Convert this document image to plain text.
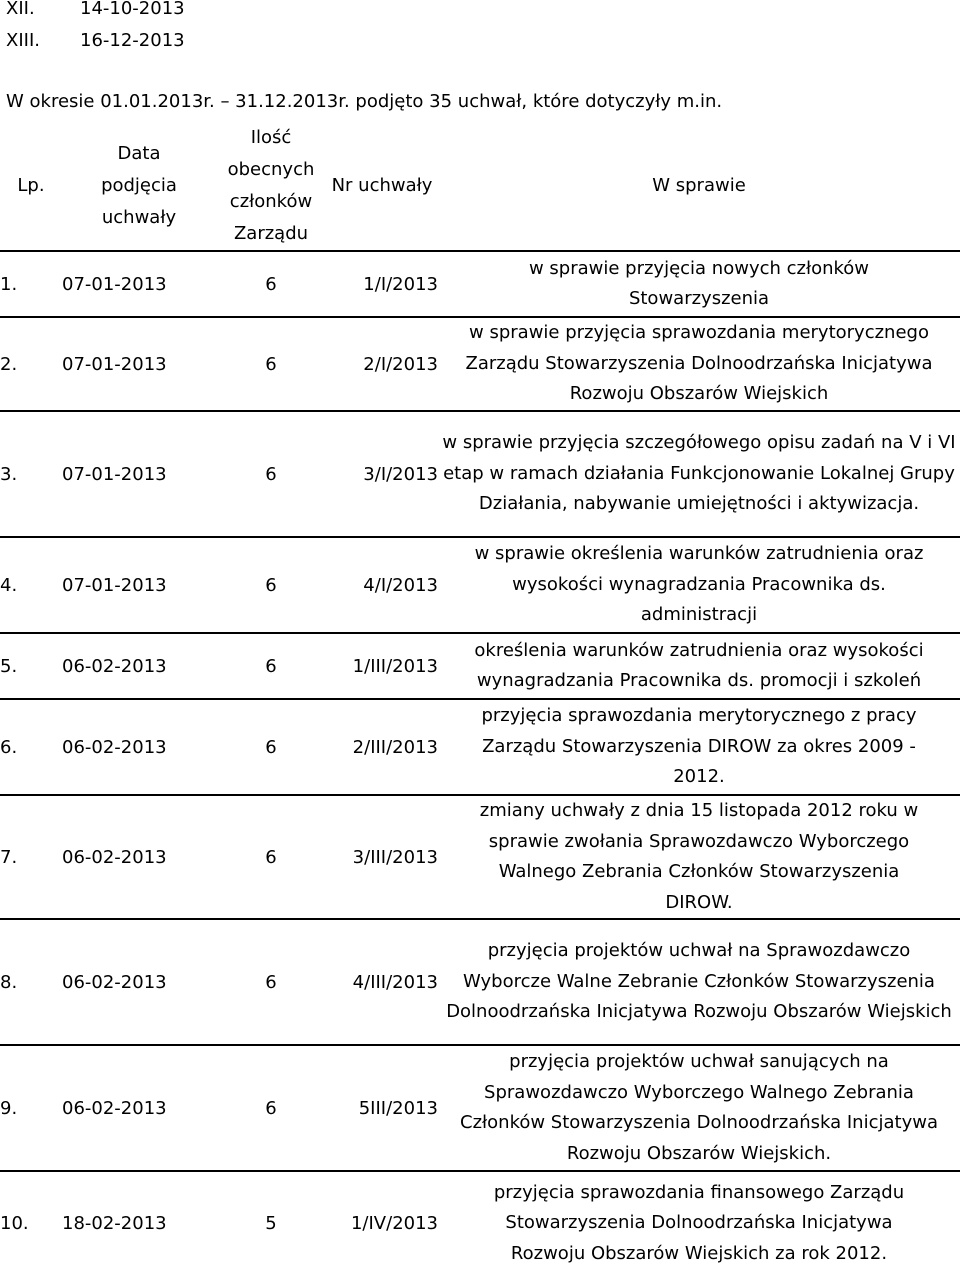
XII.	14-10-2013
XIII. 16-12-2013
W okresie 01.01.2013r. – 31.12.2013r. podjęto 35 uchwał, które dotyczyły m.in.
Lp.	Data podjęcia uchwały	Ilość obecnych członków Zarządu	Nr uchwały	W sprawie
1.	07-01-2013	6	1/I/2013	w sprawie przyjęcia nowych członków Stowarzyszenia
2.	07-01-2013	6	2/I/2013	w sprawie przyjęcia sprawozdania merytorycznego Zarządu Stowarzyszenia Dolnoodrzańska Inicjatywa Rozwoju Obszarów Wiejskich
3.	07-01-2013	6	3/I/2013	w sprawie przyjęcia szczegółowego opisu zadań na V i VI etap w ramach działania Funkcjonowanie Lokalnej Grupy Działania, nabywanie umiejętności i aktywizacja.
4.	07-01-2013	6	4/I/2013	w sprawie określenia warunków zatrudnienia oraz wysokości wynagradzania Pracownika ds. administracji
5.	06-02-2013	6	1/III/2013	określenia warunków zatrudnienia oraz wysokości wynagradzania Pracownika ds. promocji i szkoleń
6.	06-02-2013	6	2/III/2013	przyjęcia sprawozdania merytorycznego z pracy Zarządu Stowarzyszenia DIROW za okres 2009 - 2012.
7.	06-02-2013	6	3/III/2013	zmiany uchwały z dnia 15 listopada 2012 roku w sprawie zwołania Sprawozdawczo Wyborczego Walnego Zebrania Członków Stowarzyszenia DIROW.
8.	06-02-2013	6	4/III/2013	przyjęcia projektów uchwał na Sprawozdawczo Wyborcze Walne Zebranie Członków Stowarzyszenia Dolnoodrzańska Inicjatywa Rozwoju Obszarów Wiejskich
9.	06-02-2013	6	5III/2013	przyjęcia projektów uchwał sanujących na Sprawozdawczo Wyborczego Walnego Zebrania Członków Stowarzyszenia Dolnoodrzańska Inicjatywa Rozwoju Obszarów Wiejskich.
10.	18-02-2013	5	1/IV/2013	przyjęcia sprawozdania finansowego Zarządu Stowarzyszenia Dolnoodrzańska Inicjatywa Rozwoju Obszarów Wiejskich za rok 2012.
